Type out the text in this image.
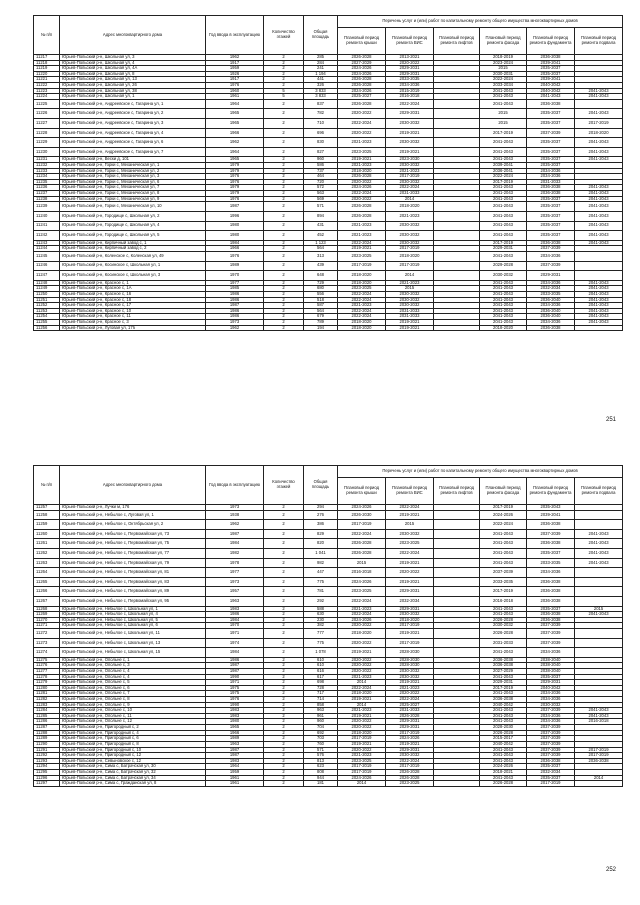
№ п/п	Адрес многоквартирного дома	Год ввода в эксплуатацию	Количество этажей	Общая площадь	Перечень услуг и (или) работ по капитальному ремонту общего имущества многоквартирных домов					
					Плановый период ремонта крыши	Плановый период ремонта ВИС	Плановый период ремонта лифтов	Плановый период ремонта фасада	Плановый период ремонта фундамента	Плановый период ремонта подвала
11217	Юрьев-Польский р-н, Школьная ул, 3	1962	2	285	2026-2028	2013-2021		2018-2019	2036-2038	
11218	Юрьев-Польский р-н, Школьная ул, 4	1917	2	284	2027-2029	2020-2022		2023-2024	2039-2041	
11219	Юрьев-Польский р-н, Школьная ул, 4А	1959	2	241	2024-2026	2029-2031		2015	2035-2037	
11220	Юрьев-Польский р-н, Школьная ул, 8	1926	2	1 194	2024-2026	2029-2031		2030-2031	2035-2037	
11221	Юрьев-Польский р-н, Школьная ул, 13	1917	2	441	2026-2028	2033-2035		2022-2024	2039-2041	
11222	Юрьев-Польский р-н, Школьная ул, 26	1976	2	326	2026-2028	2034-2036		2033-2034	2040-2042	
11223	Юрьев-Польский р-н, Школьная ул, 38	1960	5	3 833	2024-2026	2015-2019		2041-2043	2040-2042	2041-2043
11224	Юрьев-Польский р-н, Школьная ул, 1	1961	5	3 833	2025-2027	2016-2018		2041-2043	2041-2043	2041-2043
11225	Юрьев-Польский р-н, Андреевское с, Гагарина ул, 1	1964	2	837	2026-2028	2022-2024		2041-2043	2036-2038	
11226	Юрьев-Польский р-н, Андреевское с, Гагарина ул, 2	1965	2	782	2020-2022	2029-2031		2015	2035-2037	2041-2043
11227	Юрьев-Польский р-н, Андреевское с, Гагарина ул, 3	1965	2	710	2022-2024	2030-2032		2015	2035-2037	2017-2019
11228	Юрьев-Польский р-н, Андреевское с, Гагарина ул, 4	1966	2	696	2020-2022	2019-2021		2017-2019	2037-2039	2018-2020
11229	Юрьев-Польский р-н, Андреевское с, Гагарина ул, 6	1962	2	830	2021-2023	2030-2032		2041-2043	2035-2037	2041-2043
11230	Юрьев-Польский р-н, Андреевское с, Гагарина ул, 7	1964	2	827	2023-2025	2019-2021		2041-2043	2035-2037	2041-2043
11231	Юрьев-Польский р-н, Вески д, 101	1965	2	960	2019-2021	2023-2030		2041-2043	2035-2037	2041-2043
11232	Юрьев-Польский р-н, Горки с, Механическая ул, 1	1979	2	586	2021-2023	2030-2032		2039-2041	2035-2037	
11233	Юрьев-Польский р-н, Горки с, Механическая ул, 2	1979	2	737	2018-2020	2021-2023		2036-2041	2034-2036	
11234	Юрьев-Польский р-н, Горки с, Механическая ул, 3	1976	2	464	2026-2028	2017-2019		2022-2024	2034-2036	
11235	Юрьев-Польский р-н, Горки с, Механическая ул, 6	1976	2	720	2020-2022	2030-2032		2017-2019	2031-2033	
11236	Юрьев-Польский р-н, Горки с, Механическая ул, 7	1979	2	572	2024-2026	2022-2024		2041-2043	2036-2038	2041-2043
11237	Юрьев-Польский р-н, Горки с, Механическая ул, 8	1979	2	563	2022-2024	2031-2033		2041-2043	2036-2038	2041-2043
11238	Юрьев-Польский р-н, Горки с, Механическая ул, 9	1976	2	569	2020-2022	2014		2041-2043	2035-2037	2041-2043
11239	Юрьев-Польский р-н, Горки с, Механическая ул, 10	1987	2	571	2026-2028	2018-2020		2041-2043	2035-2037	2041-2043
11240	Юрьев-Польский р-н, Городище с, Школьная ул, 2	1996	2	894	2026-2028	2021-2023		2041-2043	2035-2037	2041-2043
11241	Юрьев-Польский р-н, Городище с, Школьная ул, 4	1980	2	431	2021-2023	2030-2032		2041-2043	2035-2037	2041-2043
11242	Юрьев-Польский р-н, Городище с, Школьная ул, 5	1980	2	452	2021-2023	2030-2032		2041-2043	2035-2037	2041-2043
11243	Юрьев-Польский р-н, Кирпичный завод с, 1	1984	2	1 123	2022-2024	2030-2032		2017-2019	2036-2038	2041-2043
11244	Юрьев-Польский р-н, Кирпичный завод с, 2	1966	2	564	2019-2021	2017-2019		2029-2031	2037-2039	
11245	Юрьев-Польский р-н, Коленское с, Коленская ул, 49	1976	2	313	2023-2025	2018-2020		2041-2043	2034-2036	
11246	Юрьев-Польский р-н, Косинское с, Школьная ул, 1	1989	2	439	2017-2019	2017-2019		2029-2028	2037-2039	
11247	Юрьев-Польский р-н, Косинское с, Школьная ул, 3	1970	2	648	2018-2020	2014		2030-2032	2029-2031	
11248	Юрьев-Польский р-н, Красное с, 1	1977	2	729	2018-2020	2021-2023		2041-2043	2034-2036	2041-2043
11249	Юрьев-Польский р-н, Красное с, 1А	1985	2	680	2023-2025	2015		2041-2043	2032-2034	2041-2043
11250	Юрьев-Польский р-н, Красное с, 16	1986	2	556	2022-2024	2030-2032		2041-2043	2033-2035	2041-2043
11251	Юрьев-Польский р-н, Красное с, 18	1986	2	518	2022-2024	2030-2032		2041-2043	2036-2040	2041-2043
11252	Юрьев-Польский р-н, Красное с, 17	1987	2	587	2021-2023	2030-2032		2041-2043	2034-2036	2041-2043
11253	Юрьев-Польский р-н, Красное с, 10	1986	2	564	2022-2024	2031-2033		2041-2043	2036-2040	2041-2043
11254	Юрьев-Польский р-н, Красное с, 11	1986	2	679	2022-2024	2031-2033		2041-2043	2036-2040	2041-2043
11255	Юрьев-Польский р-н, Красное с, 3	1973	2	789	2018-2020	2019-2021		2041-2043	2034-2036	2041-2043
11256	Юрьев-Польский р-н, Луговая ул, 17б	1962	2	194	2018-2020	2019-2021		2018-2020	2036-2038	
251
№ п/п	Адрес многоквартирного дома	Год ввода в эксплуатацию	Количество этажей	Общая площадь	Перечень услуг и (или) работ по капитальному ремонту общего имущества многоквартирных домов					
					Плановый период ремонта крыши	Плановый период ремонта ВИС	Плановый период ремонта лифтов	Плановый период ремонта фасада	Плановый период ремонта фундамента	Плановый период ремонта подвала
11257	Юрьев-Польский р-н, Лучки м, 176	1973	2	294	2024-2026	2022-2024		2017-2019	2035-2043	
11258	Юрьев-Польский р-н, Небылое с, Луговая ул, 1	1938	2	276	2026-2030	2019-2021		2024-2026	2039-2041	
11259	Юрьев-Польский р-н, Небылое с, Октябрьская ул, 2	1962	2	386	2017-2019	2015		2022-2024	2036-2038	
11260	Юрьев-Польский р-н, Небылое с, Первомайская ул, 73	1987	2	829	2022-2024	2030-2032		2041-2043	2037-2039	2041-2043
11261	Юрьев-Польский р-н, Небылое с, Первомайская ул, 75	1984	2	820	2026-2028	2023-2025		2041-2043	2036-2038	2041-2043
11262	Юрьев-Польский р-н, Небылое с, Первомайская ул, 77	1982	2	1 041	2026-2028	2022-2024		2041-2043	2035-2037	2041-2043
11263	Юрьев-Польский р-н, Небылое с, Первомайская ул, 79	1978	2	982	2015	2019-2021		2041-2043	2033-2035	2041-2043
11264	Юрьев-Польский р-н, Небылое с, Первомайская ул, 81	1977	2	447	2016-2018	2020-2022		2037-2039	2034-2036	
11265	Юрьев-Польский р-н, Небылое с, Первомайская ул, 83	1973	2	775	2024-2026	2019-2021		2033-2035	2036-2038	
11266	Юрьев-Польский р-н, Небылое с, Первомайская ул, 89	1957	2	781	2023-2025	2029-2031		2017-2019	2036-2038	
11267	Юрьев-Польский р-н, Небылое с, Первомайская ул, 95	1963	2	292	2022-2024	2032-2034		2016-2018	2036-2038	
11268	Юрьев-Польский р-н, Небылое с, Школьная ул, 1	1983	2	588	2021-2023	2029-2031		2041-2043	2035-2037	2015
11269	Юрьев-Польский р-н, Небылое с, Школьная ул, 4	1986	2	630	2022-2024	2030-2032		2041-2043	2036-2038	2041-2043
11270	Юрьев-Польский р-н, Небылое с, Школьная ул, 5	1984	2	230	2024-2026	2018-2020		2026-2028	2036-2038	
11271	Юрьев-Польский р-н, Небылое с, Школьная ул, 6	1970	2	382	2020-2022	2017-2019		2030-2032	2037-2039	
11272	Юрьев-Польский р-н, Небылое с, Школьная ул, 11	1971	2	777	2018-2020	2019-2021		2026-2028	2037-2039	
11273	Юрьев-Польский р-н, Небылое с, Школьная ул, 13	1974	2	775	2020-2022	2017-2019		2031-2033	2037-2039	
11274	Юрьев-Польский р-н, Небылое с, Школьная ул, 15	1984	2	1 078	2019-2021	2028-2030		2041-2043	2034-2036	
11275	Юрьев-Польский р-н, Опольне с, 1	1986	2	610	2020-2022	2028-2030		2036-2038	2038-2040	
11276	Юрьев-Польский р-н, Опольне с, 3	1987	2	610	2020-2022	2028-2030		2036-2038	2038-2040	
11277	Юрьев-Польский р-н, Опольне с, 4	1987	2	616	2020-2022	2030-2032		2027-2029	2038-2040	
11278	Юрьев-Польский р-н, Опольне с, 4	1990	2	617	2021-2023	2030-2032		2041-2043	2035-2037	
11279	Юрьев-Польский р-н, Опольне с, 5	1971	2	698	2014	2019-2021		2029-2031	2029-2031	
11280	Юрьев-Польский р-н, Опольне с, 6	1975	2	728	2022-2024	2021-2023		2017-2019	2040-2042	
11281	Юрьев-Польский р-н, Опольне с, 7	1975	2	717	2018-2020	2020-2022		2041-2043	2034-2036	
11282	Юрьев-Польский р-н, Опольне с, 8	1976	2	714	2019-2021	2022-2024		2036-2038	2034-2036	
11283	Юрьев-Польский р-н, Опольне с, 9	1990	2	858	2014	2025-2027		2040-2042	2030-2032	
11284	Юрьев-Польский р-н, Опольне с, 10	1983	2	963	2021-2023	2031-2033		2041-2043	2037-2039	2041-2043
11285	Юрьев-Польский р-н, Опольне с, 11	1983	2	961	2019-2021	2026-2028		2041-2043	2034-2036	2041-2043
11286	Юрьев-Польский р-н, Опольне с, 12	1980	2	960	2020-2022	2029-2031		2041-2043	2034-2036	2016-2018
11287	Юрьев-Польский р-н, Пригородный с, 2	1965	2	704	2020-2022	2029-2031		2028-2030	2037-2039	
11288	Юрьев-Польский р-н, Пригородный с, 4	1966	2	692	2018-2020	2017-2019		2026-2028	2037-2039	
11289	Юрьев-Польский р-н, Пригородный с, 6	1989	2	703	2017-2019	2024-2026		2015-2017	2037-2039	
11290	Юрьев-Польский р-н, Пригородный с, 8	1963	2	760	2019-2021	2019-2021		2040-2042	2037-2039	
11291	Юрьев-Польский р-н, Пригородный с, 10	1987	2	571	2020-2022	2029-2031		2041-2043	2037-2039	2017-2019
11292	Юрьев-Польский р-н, Пригородный с, 12	1987	2	576	2021-2023	2030-2032		2041-2043	2037-2039	2017-2019
11293	Юрьев-Польский р-н, Севыновское с, 12	1983	2	813	2023-2025	2022-2024		2041-2043	2036-2038	2036-2038
11294	Юрьев-Польский р-н, Сима с, Батрачская ул, 30	1964	2	623	2017-2019	2017-2019		2024-2026	2035-2037	
11295	Юрьев-Польский р-н, Сима с, Батрачская ул, 32	1959	2	808	2017-2019	2026-2028		2018-2021	2032-2034	
11296	Юрьев-Польский р-н, Сима с, Батрачская ул, 34	1961	2	944	2024-2026	2026-2028		2041-2043	2035-2037	2014
11297	Юрьев-Польский р-н, Сима с, Гражданская ул, 8	1961	2	181	2014	2023-2025		2026-2028	2017-2019	
252
